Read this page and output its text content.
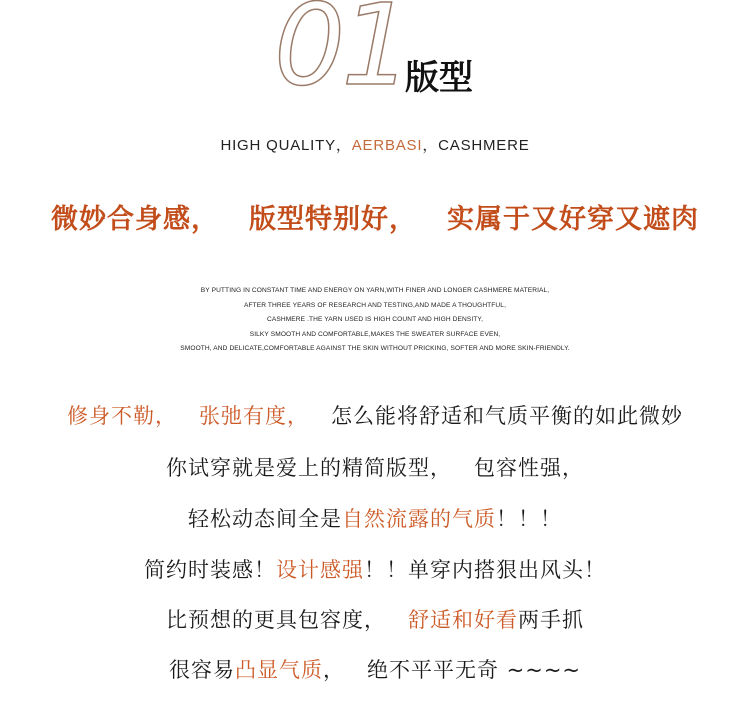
01
版型
HIGH QUALITY，AERBASI，CASHMERE
微妙合身感， 版型特别好， 实属于又好穿又遮肉
BY PUTTING IN CONSTANT TIME AND ENERGY ON YARN,WITH FINER AND LONGER CASHMERE MATERIAL,
AFTER THREE YEARS OF RESEARCH AND TESTING,AND MADE A THOUGHTFUL,
CASHMERE .THE YARN USED IS HIGH COUNT AND HIGH DENSITY,
SILKY SMOOTH AND COMFORTABLE,MAKES THE SWEATER SURFACE EVEN,
SMOOTH, AND DELICATE,COMFORTABLE AGAINST THE SKIN WITHOUT PRICKING, SOFTER AND MORE SKIN-FRIENDLY.
修身不勒， 张弛有度， 怎么能将舒适和气质平衡的如此微妙
你试穿就是爱上的精简版型， 包容性强，
轻松动态间全是自然流露的气质！！！
简约时装感！设计感强！！单穿内搭狠出风头！
比预想的更具包容度， 舒适和好看两手抓
很容易凸显气质， 绝不平平无奇 ~~~~
